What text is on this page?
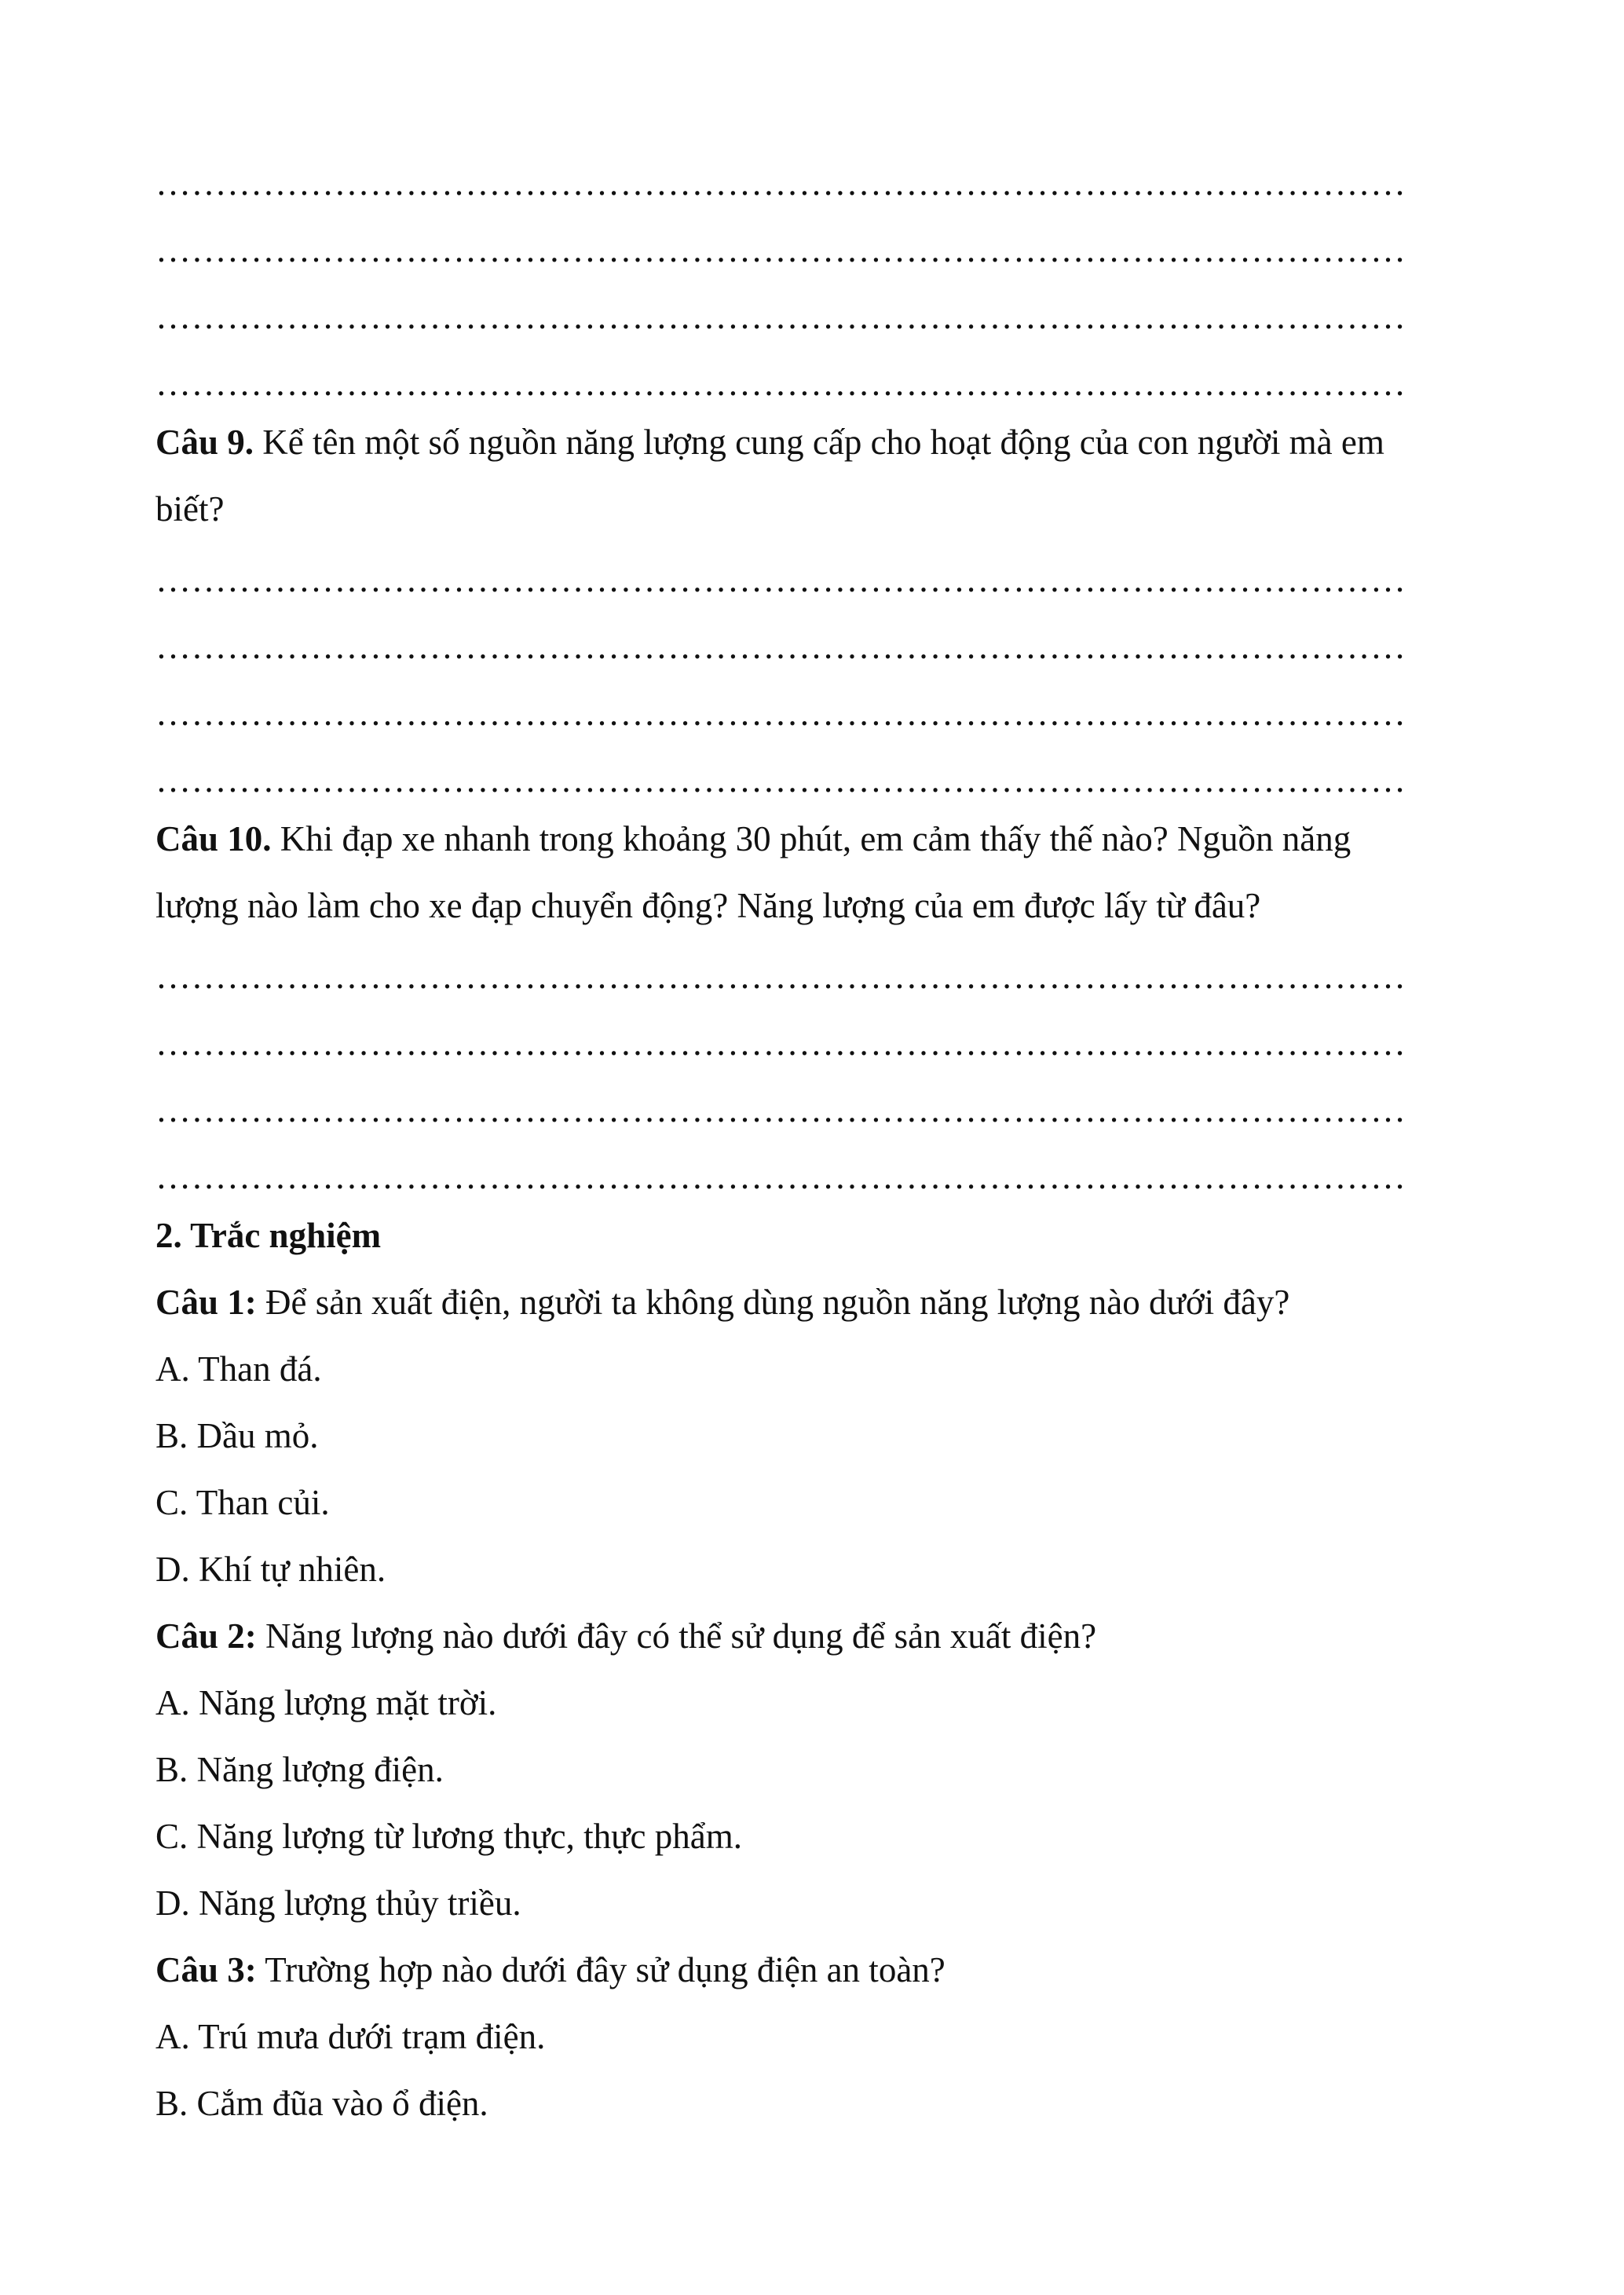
……………………………………………………………………………………………
……………………………………………………………………………………………
……………………………………………………………………………………………
……………………………………………………………………………………………
Câu 9. Kể tên một số nguồn năng lượng cung cấp cho hoạt động của con người mà em
biết?
……………………………………………………………………………………………
……………………………………………………………………………………………
……………………………………………………………………………………………
……………………………………………………………………………………………
Câu 10. Khi đạp xe nhanh trong khoảng 30 phút, em cảm thấy thế nào? Nguồn năng
lượng nào làm cho xe đạp chuyển động? Năng lượng của em được lấy từ đâu?
……………………………………………………………………………………………
……………………………………………………………………………………………
……………………………………………………………………………………………
……………………………………………………………………………………………
2. Trắc nghiệm
Câu 1: Để sản xuất điện, người ta không dùng nguồn năng lượng nào dưới đây?
A. Than đá.
B. Dầu mỏ.
C. Than củi.
D. Khí tự nhiên.
Câu 2: Năng lượng nào dưới đây có thể sử dụng để sản xuất điện?
A. Năng lượng mặt trời.
B. Năng lượng điện.
C. Năng lượng từ lương thực, thực phẩm.
D. Năng lượng thủy triều.
Câu 3: Trường hợp nào dưới đây sử dụng điện an toàn?
A. Trú mưa dưới trạm điện.
B. Cắm đũa vào ổ điện.
